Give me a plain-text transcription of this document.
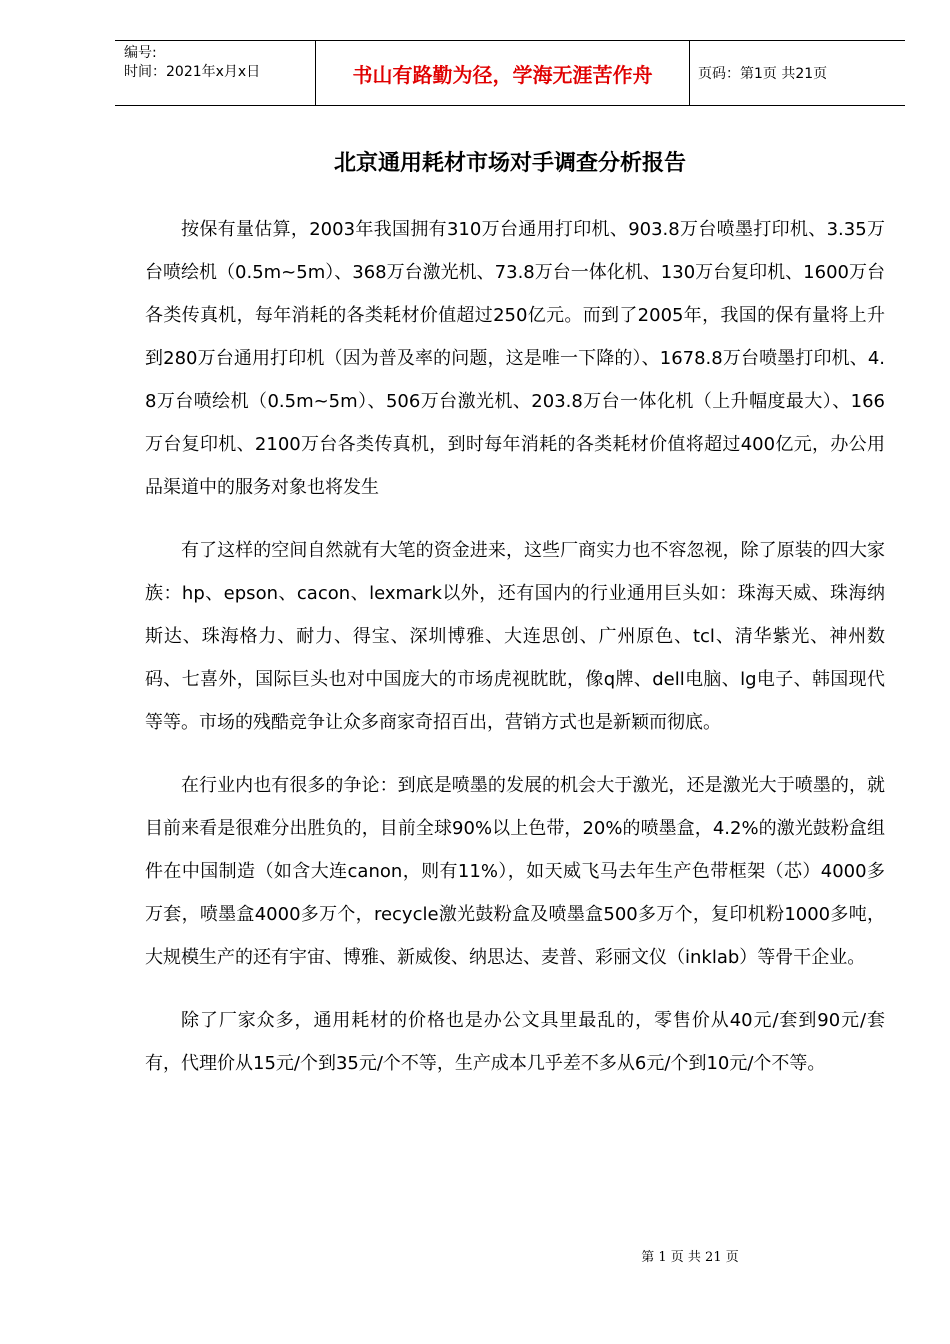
编号:
时间：2021年x月x日	书山有路勤为径，学海无涯苦作舟	页码：第1页 共21页
北京通用耗材市场对手调查分析报告

按保有量估算，2003年我国拥有310万台通用打印机、903.8万台喷墨打印机、3.35万台喷绘机（0.5m~5m）、368万台激光机、73.8万台一体化机、130万台复印机、1600万台各类传真机，每年消耗的各类耗材价值超过250亿元。而到了2005年，我国的保有量将上升到280万台通用打印机（因为普及率的问题，这是唯一下降的）、1678.8万台喷墨打印机、4.8万台喷绘机（0.5m~5m）、506万台激光机、203.8万台一体化机（上升幅度最大）、166万台复印机、2100万台各类传真机，到时每年消耗的各类耗材价值将超过400亿元，办公用品渠道中的服务对象也将发生

有了这样的空间自然就有大笔的资金进来，这些厂商实力也不容忽视，除了原装的四大家族：hp、epson、cacon、lexmark以外，还有国内的行业通用巨头如：珠海天威、珠海纳斯达、珠海格力、耐力、得宝、深圳博雅、大连思创、广州原色、tcl、清华紫光、神州数码、七喜外，国际巨头也对中国庞大的市场虎视眈眈，像q牌、dell电脑、lg电子、韩国现代等等。市场的残酷竞争让众多商家奇招百出，营销方式也是新颖而彻底。

在行业内也有很多的争论：到底是喷墨的发展的机会大于激光，还是激光大于喷墨的，就目前来看是很难分出胜负的，目前全球90%以上色带，20%的喷墨盒，4.2%的激光鼓粉盒组件在中国制造（如含大连canon，则有11%），如天威飞马去年生产色带框架（芯）4000多万套，喷墨盒4000多万个，recycle激光鼓粉盒及喷墨盒500多万个，复印机粉1000多吨，大规模生产的还有宇宙、博雅、新威俊、纳思达、麦普、彩丽文仪（inklab）等骨干企业。

除了厂家众多，通用耗材的价格也是办公文具里最乱的，零售价从40元/套到90元/套有，代理价从15元/个到35元/个不等，生产成本几乎差不多从6元/个到10元/个不等。

第 1 页 共 21 页
